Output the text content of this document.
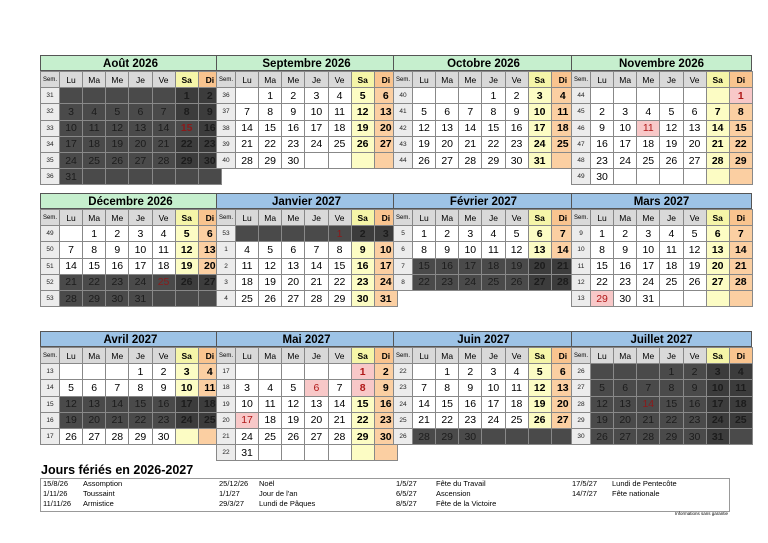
Août 2026
Sem.	Lu	Ma	Me	Je	Ve	Sa	Di
31						1	2
32	3	4	5	6	7	8	9
33	10	11	12	13	14	15	16
34	17	18	19	20	21	22	23
35	24	25	26	27	28	29	30
36	31						
Septembre 2026
Sem.	Lu	Ma	Me	Je	Ve	Sa	Di
36		1	2	3	4	5	6
37	7	8	9	10	11	12	13
38	14	15	16	17	18	19	20
39	21	22	23	24	25	26	27
40	28	29	30				
Octobre 2026
Sem.	Lu	Ma	Me	Je	Ve	Sa	Di
40				1	2	3	4
41	5	6	7	8	9	10	11
42	12	13	14	15	16	17	18
43	19	20	21	22	23	24	25
44	26	27	28	29	30	31	
Novembre 2026
Sem.	Lu	Ma	Me	Je	Ve	Sa	Di
44							1
45	2	3	4	5	6	7	8
46	9	10	11	12	13	14	15
47	16	17	18	19	20	21	22
48	23	24	25	26	27	28	29
49	30						
Décembre 2026
Sem.	Lu	Ma	Me	Je	Ve	Sa	Di
49		1	2	3	4	5	6
50	7	8	9	10	11	12	13
51	14	15	16	17	18	19	20
52	21	22	23	24	25	26	27
53	28	29	30	31			
Janvier 2027
Sem.	Lu	Ma	Me	Je	Ve	Sa	Di
53					1	2	3
1	4	5	6	7	8	9	10
2	11	12	13	14	15	16	17
3	18	19	20	21	22	23	24
4	25	26	27	28	29	30	31
Février 2027
Sem.	Lu	Ma	Me	Je	Ve	Sa	Di
5	1	2	3	4	5	6	7
6	8	9	10	11	12	13	14
7	15	16	17	18	19	20	21
8	22	23	24	25	26	27	28
Mars 2027
Sem.	Lu	Ma	Me	Je	Ve	Sa	Di
9	1	2	3	4	5	6	7
10	8	9	10	11	12	13	14
11	15	16	17	18	19	20	21
12	22	23	24	25	26	27	28
13	29	30	31				
Avril 2027
Sem.	Lu	Ma	Me	Je	Ve	Sa	Di
13				1	2	3	4
14	5	6	7	8	9	10	11
15	12	13	14	15	16	17	18
16	19	20	21	22	23	24	25
17	26	27	28	29	30		
Mai 2027
Sem.	Lu	Ma	Me	Je	Ve	Sa	Di
17						1	2
18	3	4	5	6	7	8	9
19	10	11	12	13	14	15	16
20	17	18	19	20	21	22	23
21	24	25	26	27	28	29	30
22	31						
Juin 2027
Sem.	Lu	Ma	Me	Je	Ve	Sa	Di
22		1	2	3	4	5	6
23	7	8	9	10	11	12	13
24	14	15	16	17	18	19	20
25	21	22	23	24	25	26	27
26	28	29	30				
Juillet 2027
Sem.	Lu	Ma	Me	Je	Ve	Sa	Di
26				1	2	3	4
27	5	6	7	8	9	10	11
28	12	13	14	15	16	17	18
29	19	20	21	22	23	24	25
30	26	27	28	29	30	31	
Jours fériés en 2026-2027
15/8/26 Assomption
1/11/26 Toussaint
11/11/26 Armistice
25/12/26 Noël
1/1/27	Jour de l'an
29/3/27 Lundi de Pâques
1/5/27	Fête du Travail
6/5/27	Ascension
8/5/27	Fête de la Victoire
17/5/27 Lundi de Pentecôte
14/7/27 Fête nationale
Informations sans garantie
